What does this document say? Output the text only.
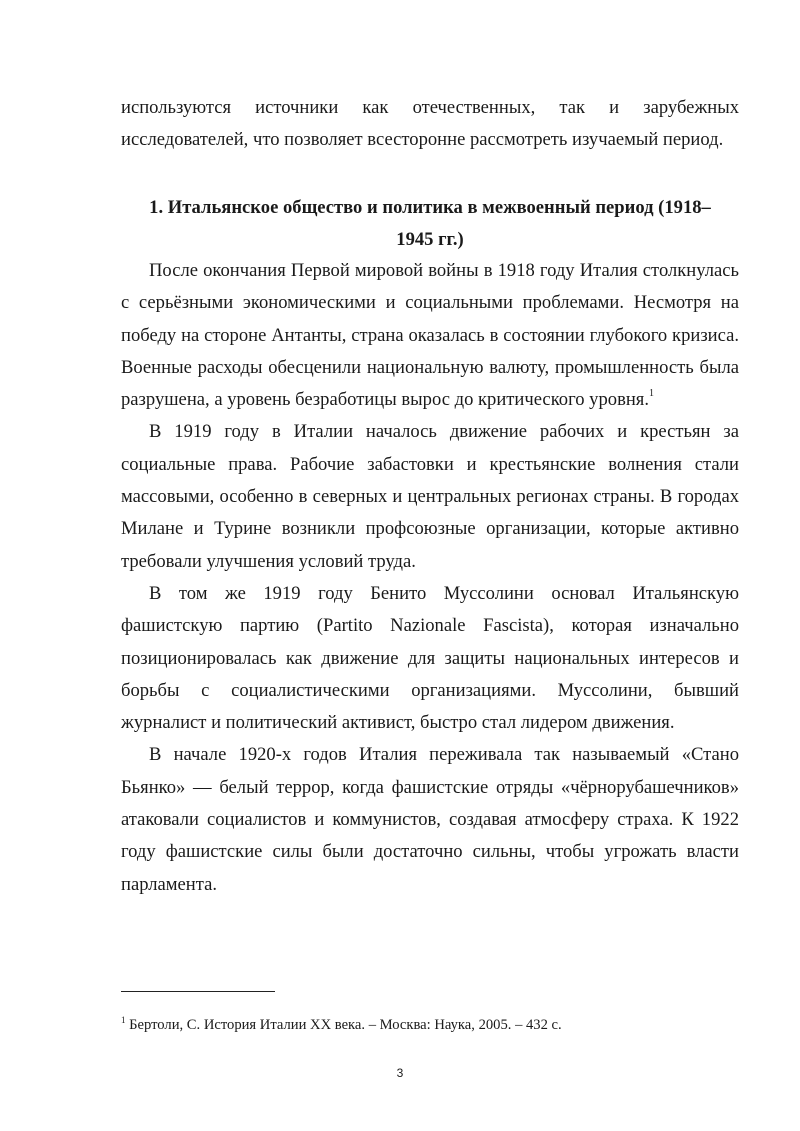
используются источники как отечественных, так и зарубежных исследователей, что позволяет всесторонне рассмотреть изучаемый период.

1. Итальянское общество и политика в межвоенный период (1918–
1945 гг.)

После окончания Первой мировой войны в 1918 году Италия столкнулась с серьёзными экономическими и социальными проблемами. Несмотря на победу на стороне Антанты, страна оказалась в состоянии глубокого кризиса. Военные расходы обесценили национальную валюту, промышленность была разрушена, а уровень безработицы вырос до критического уровня.$^1$

В 1919 году в Италии началось движение рабочих и крестьян за социальные права. Рабочие забастовки и крестьянские волнения стали массовыми, особенно в северных и центральных регионах страны. В городах Милане и Турине возникли профсоюзные организации, которые активно требовали улучшения условий труда.

В том же 1919 году Бенито Муссолини основал Итальянскую фашистскую партию (Partito Nazionale Fascista), которая изначально позиционировалась как движение для защиты национальных интересов и борьбы с социалистическими организациями. Муссолини, бывший журналист и политический активист, быстро стал лидером движения.

В начале 1920-х годов Италия переживала так называемый «Стано Бьянко» — белый террор, когда фашистские отряды «чёрнорубашечников» атаковали социалистов и коммунистов, создавая атмосферу страха. К 1922 году фашистские силы были достаточно сильны, чтобы угрожать власти парламента.

$^1$ Бертоли, С. История Италии XX века. – Москва: Наука, 2005. – 432 с.

3
